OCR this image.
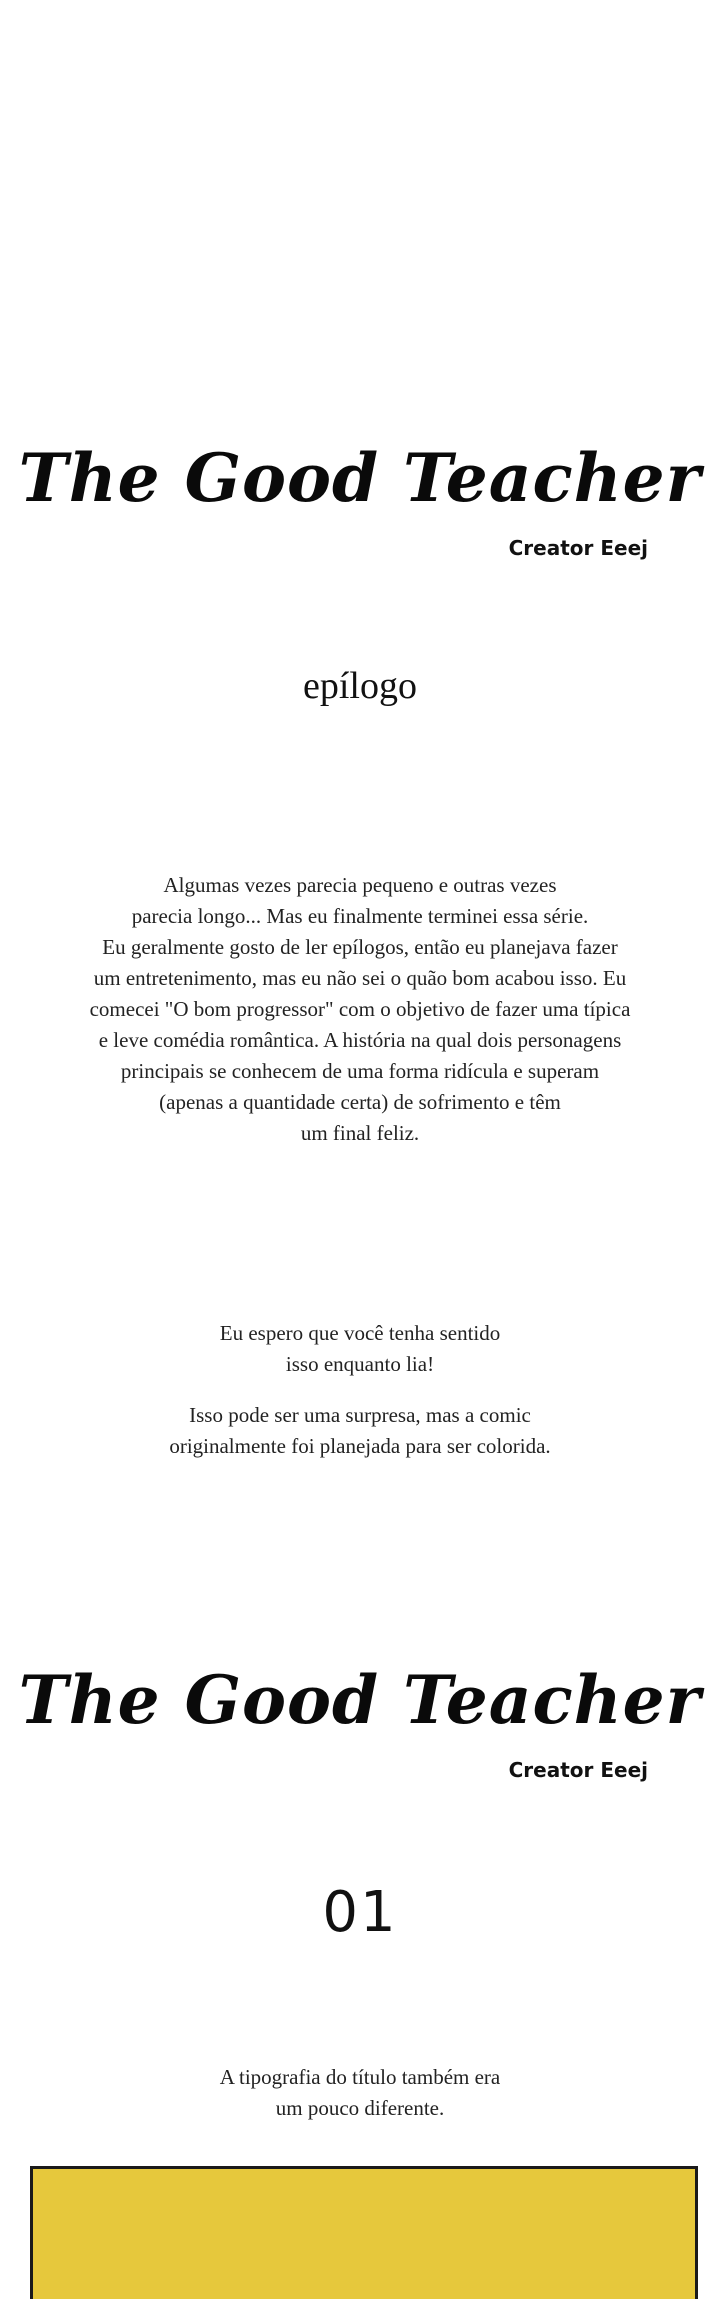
The Good Teacher
Creator Eeej
epílogo
Algumas vezes parecia pequeno e outras vezes
parecia longo... Mas eu finalmente terminei essa série.
Eu geralmente gosto de ler epílogos, então eu planejava fazer
um entretenimento, mas eu não sei o quão bom acabou isso. Eu
comecei "O bom progressor" com o objetivo de fazer uma típica
e leve comédia romântica. A história na qual dois personagens
principais se conhecem de uma forma ridícula e superam
(apenas a quantidade certa) de sofrimento e têm
um final feliz.
Eu espero que você tenha sentido
isso enquanto lia!
Isso pode ser uma surpresa, mas a comic
originalmente foi planejada para ser colorida.
The Good Teacher
Creator Eeej
01
A tipografia do título também era
um pouco diferente.
